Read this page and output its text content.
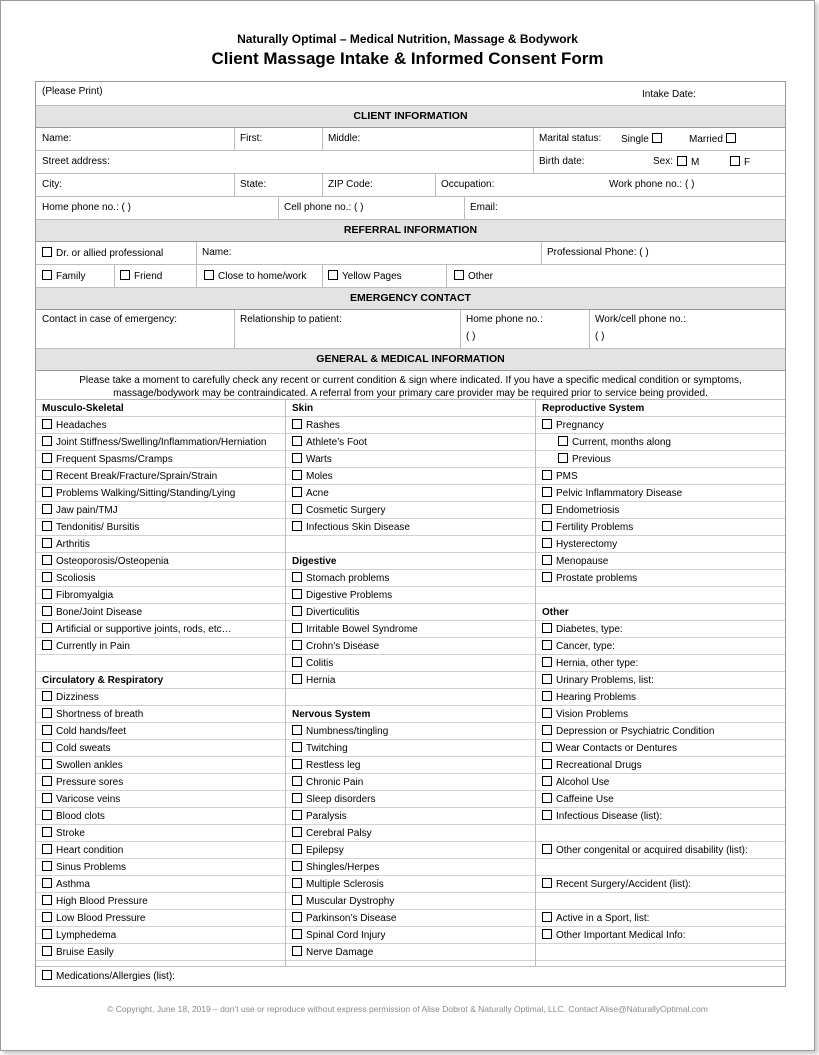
Naturally Optimal – Medical Nutrition, Massage & Bodywork
Client Massage Intake & Informed Consent Form
(Please Print)	Intake Date:
CLIENT INFORMATION
Name:	First:	Middle:	Marital status: Single	Married
Street address:	Birth date:	Sex:	M	F
City:	State:	ZIP Code:	Occupation:	Work phone no.: ( )
Home phone no.: ( )	Cell phone no.: ( )	Email:
REFERRAL INFORMATION
Dr. or allied professional	Name:	Professional Phone: ( )
Family	Friend	Close to home/work	Yellow Pages	Other
EMERGENCY CONTACT
Contact in case of emergency:	Relationship to patient:	Home phone no.:
( )
Work/cell phone no.:
( )
GENERAL & MEDICAL INFORMATION
Please take a moment to carefully check any recent or current condition & sign where indicated. If you have a specific medical condition or symptoms,
massage/bodywork may be contraindicated. A referral from your primary care provider may be required prior to service being provided.
Musculo-Skeletal
Headaches
Joint Stiffness/Swelling/Inflammation/Herniation
Frequent Spasms/Cramps
Recent Break/Fracture/Sprain/Strain
Problems Walking/Sitting/Standing/Lying
Jaw pain/TMJ
Tendonitis/ Bursitis
Arthritis
Osteoporosis/Osteopenia
Scoliosis
Fibromyalgia
Bone/Joint Disease
Artificial or supportive joints, rods, etc…
Currently in Pain
Circulatory & Respiratory
Dizziness
Shortness of breath
Cold hands/feet
Cold sweats
Swollen ankles
Pressure sores
Varicose veins
Blood clots
Stroke
Heart condition
Sinus Problems
Asthma
High Blood Pressure
Low Blood Pressure
Lymphedema
Bruise Easily
Skin
Rashes
Athlete’s Foot
Warts
Moles
Acne
Cosmetic Surgery
Infectious Skin Disease
Digestive
Stomach problems
Digestive Problems
Diverticulitis
Irritable Bowel Syndrome
Crohn’s Disease
Colitis
Hernia
Nervous System
Numbness/tingling
Twitching
Restless leg
Chronic Pain
Sleep disorders
Paralysis
Cerebral Palsy
Epilepsy
Shingles/Herpes
Multiple Sclerosis
Muscular Dystrophy
Parkinson’s Disease
Spinal Cord Injury
Nerve Damage
Reproductive System
Pregnancy
Current, months along
Previous
PMS
Pelvic Inflammatory Disease
Endometriosis
Fertility Problems
Hysterectomy
Menopause
Prostate problems
Other
Diabetes, type:
Cancer, type:
Hernia, other type:
Urinary Problems, list:
Hearing Problems
Vision Problems
Depression or Psychiatric Condition
Wear Contacts or Dentures
Recreational Drugs
Alcohol Use
Caffeine Use
Infectious Disease (list):
Other congenital or acquired disability (list):
Recent Surgery/Accident (list):
Active in a Sport, list:
Other Important Medical Info:
Medications/Allergies (list):
© Copyright, June 18, 2019 – don’t use or reproduce without express permission of Alise Dobrot & Naturally Optimal, LLC. Contact Alise@NaturallyOptimal.com
